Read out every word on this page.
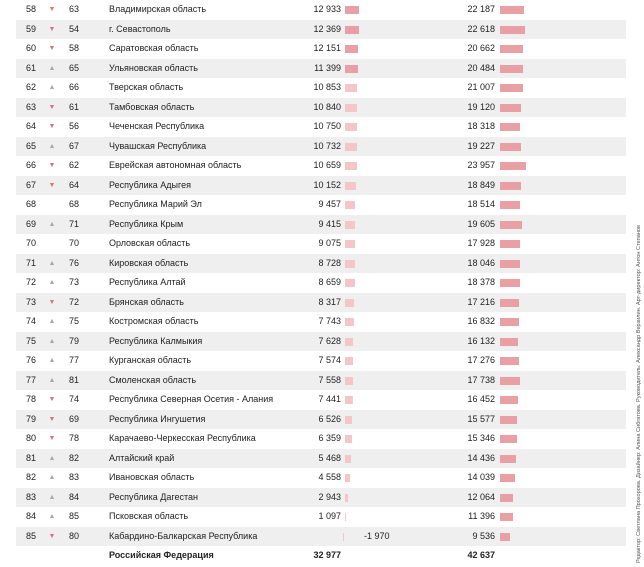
58	▼ 63	Владимирская область	12 933	22 187
59	▼ 54	г. Севастополь	12 369	22 618
60	▼ 58	Саратовская область	12 151	20 662
61	▲ 65	Ульяновская область	11 399	20 484
62	▲ 66	Тверская область	10 853	21 007
63	▼ 61	Тамбовская область	10 840	19 120
64	▼ 56	Чеченская Республика	10 750	18 318
65	▲ 67	Чувашская Республика	10 732	19 227
66	▼ 62	Еврейская автономная область	10 659	23 957
67	▼ 64	Республика Адыгея	10 152	18 849
68	68	Республика Марий Эл	9 457	18 514
69	▲ 71	Республика Крым	9 415	19 605
70	70	Орловская область	9 075	17 928
71	▲ 76	Кировская область	8 728	18 046
72	▲ 73	Республика Алтай	8 659	18 378
73	▼ 72	Брянская область	8 317	17 216
74	▲ 75	Костромская область	7 743	16 832
75	▲ 79	Республика Калмыкия	7 628	16 132
76	▲ 77	Курганская область	7 574	17 276
77	▲ 81	Смоленская область	7 558	17 738
78	▼ 74	Республика Северная Осетия - Алания	7 441	16 452
79	▼ 69	Республика Ингушетия	6 526	15 577
80	▼ 78	Карачаево-Черкесская Республика	6 359	15 346
81	▲ 82	Алтайский край	5 468	14 436
82	▲ 83	Ивановская область	4 558	14 039
83	▲ 84	Республика Дагестан	2 943	12 064
84	▲ 85	Псковская область	1 097	11 396
85	▼ 80	Кабардино-Балкарская Республика	-1 970	9 536
Российская Федерация	32 977	42 637	Редактор: Светлана Прохорова. Дизайнер: Алина Сибгатова. Руководитель: Александр Верзилин. Арт-директор: Антон Степанов
